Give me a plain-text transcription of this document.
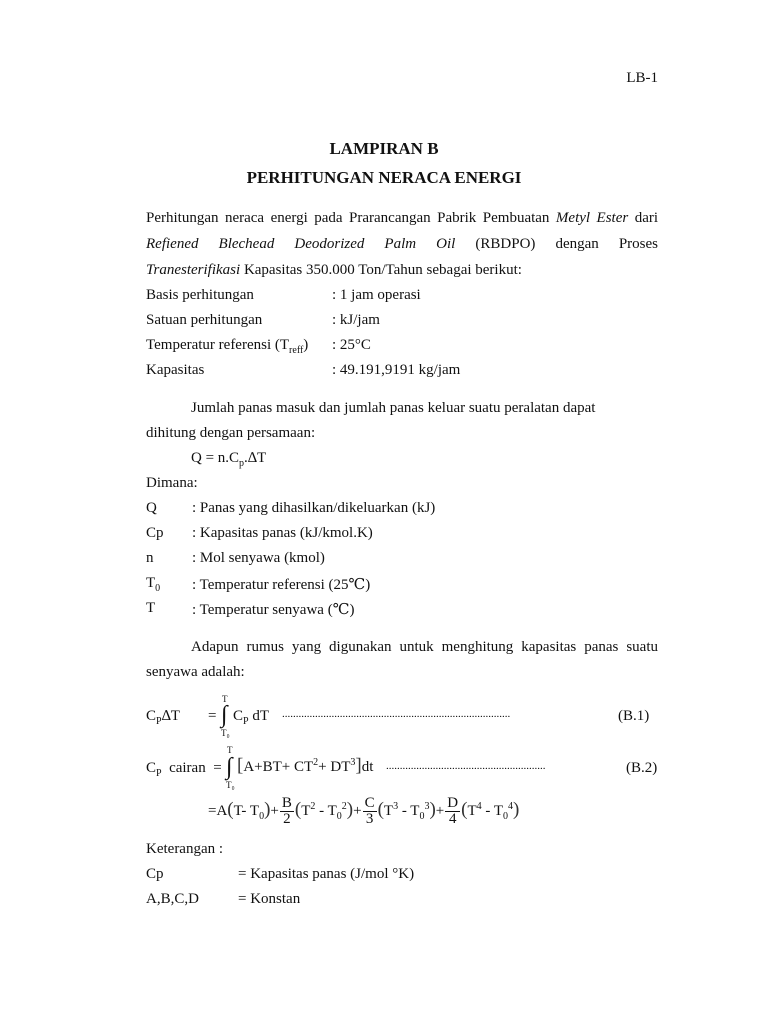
LB-1
LAMPIRAN B
PERHITUNGAN NERACA ENERGI
Perhitungan neraca energi pada Prarancangan Pabrik Pembuatan Metyl Ester dari
Refiened Blechead Deodorized Palm Oil (RBDPO) dengan Proses
Tranesterifikasi Kapasitas 350.000 Ton/Tahun sebagai berikut:
Basis perhitungan	: 1 jam operasi
Satuan perhitungan	: kJ/jam
Temperatur referensi $(T_{reff})$ : 25°C
Kapasitas	: 49.191,9191 kg/jam
Jumlah panas masuk dan jumlah panas keluar suatu peralatan dapat
dihitung dengan persamaan:
$Q = n.C_p.\Delta T$
Dimana:
Q : Panas yang dihasilkan/dikeluarkan (kJ)
Cp : Kapasitas panas (kJ/kmol.K)
n	: Mol senyawa (kmol)
$T_0$ : Temperatur referensi (25℃)
T : Temperatur senyawa (℃)
Adapun rumus yang digunakan untuk menghitung kapasitas panas suatu
senyawa adalah:
$C_P\Delta T$ =
T
∫
T₀
$C_P$ dT ...................................................................................	(B.1)
$C_P$  cairan  =
T
∫
T₀
$[A+BT+ CT^2+ DT^3]dt$ ..........................................................	(B.2)
=A(T- $T_0)+ \frac{B}{2} (T^2 - T_0^2)+ \frac{C}{3} (T^3 - T_0^3)+ \frac{D}{4} (T^4 - T_0^4)$
Keterangan :
Cp	= Kapasitas panas (J/mol °K)
A,B,C,D	= Konstan
